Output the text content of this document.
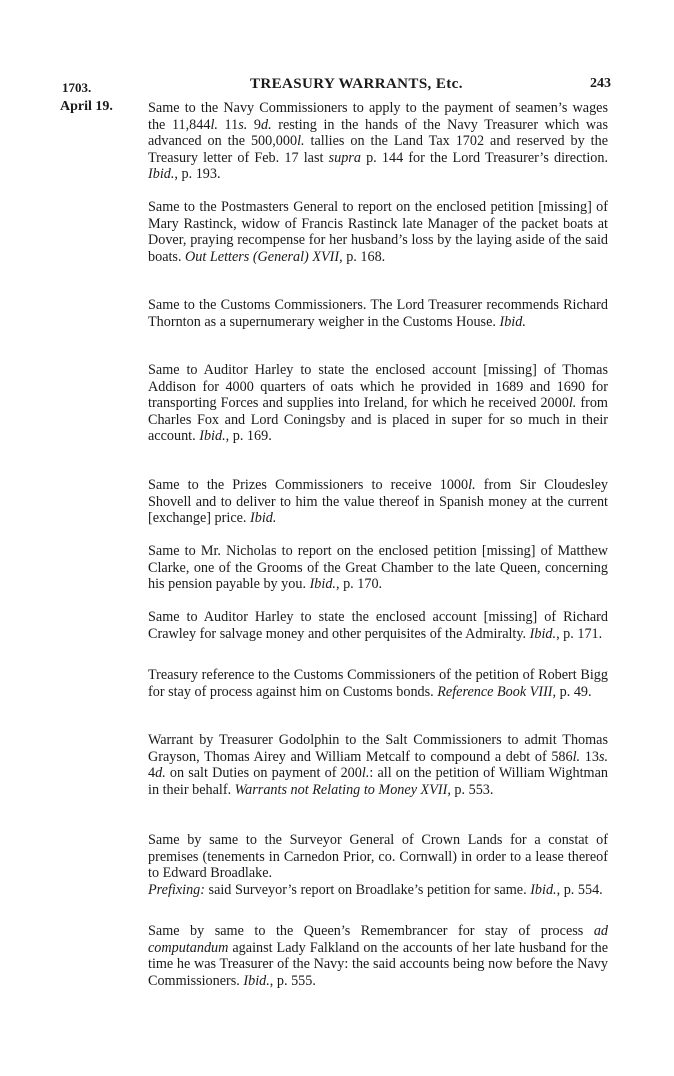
1703.	TREASURY WARRANTS, Etc.	243
April 19. Same to the Navy Commissioners to apply to the payment of seamen’s wages the 11,844l. 11s. 9d. resting in the hands of the Navy Treasurer which was advanced on the 500,000l. tallies on the Land Tax 1702 and reserved by the Treasury letter of Feb. 17 last supra p. 144 for the Lord Treasurer’s direction. Ibid., p. 193.

Same to the Postmasters General to report on the enclosed petition [missing] of Mary Rastinck, widow of Francis Rastinck late Manager of the packet boats at Dover, praying recompense for her husband’s loss by the laying aside of the said boats. Out Letters (General) XVII, p. 168.

Same to the Customs Commissioners. The Lord Treasurer recommends Richard Thornton as a supernumerary weigher in the Customs House. Ibid.

Same to Auditor Harley to state the enclosed account [missing] of Thomas Addison for 4000 quarters of oats which he provided in 1689 and 1690 for transporting Forces and supplies into Ireland, for which he received 2000l. from Charles Fox and Lord Coningsby and is placed in super for so much in their account. Ibid., p. 169.

Same to the Prizes Commissioners to receive 1000l. from Sir Cloudesley Shovell and to deliver to him the value thereof in Spanish money at the current [exchange] price. Ibid.

Same to Mr. Nicholas to report on the enclosed petition [missing] of Matthew Clarke, one of the Grooms of the Great Chamber to the late Queen, concerning his pension payable by you. Ibid., p. 170.

Same to Auditor Harley to state the enclosed account [missing] of Richard Crawley for salvage money and other perquisites of the Admiralty. Ibid., p. 171.

Treasury reference to the Customs Commissioners of the petition of Robert Bigg for stay of process against him on Customs bonds. Reference Book VIII, p. 49.

Warrant by Treasurer Godolphin to the Salt Commissioners to admit Thomas Grayson, Thomas Airey and William Metcalf to compound a debt of 586l. 13s. 4d. on salt Duties on payment of 200l.: all on the petition of William Wightman in their behalf. Warrants not Relating to Money XVII, p. 553.

Same by same to the Surveyor General of Crown Lands for a constat of premises (tenements in Carnedon Prior, co. Cornwall) in order to a lease thereof to Edward Broadlake.

Prefixing: said Surveyor’s report on Broadlake’s petition for same. Ibid., p. 554.

Same by same to the Queen’s Remembrancer for stay of process ad computandum against Lady Falkland on the accounts of her late husband for the time he was Treasurer of the Navy: the said accounts being now before the Navy Commissioners. Ibid., p. 555.
